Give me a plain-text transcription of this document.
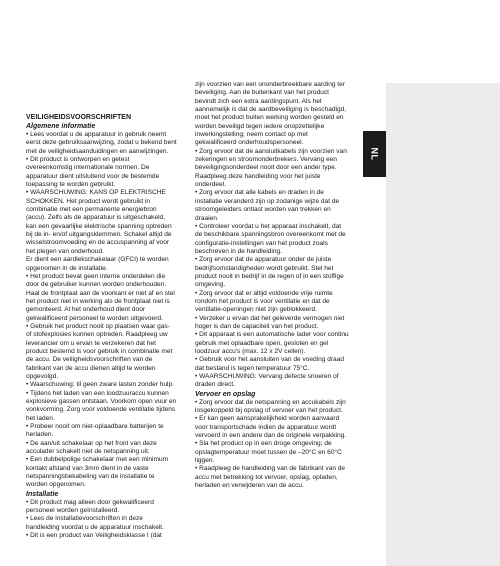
NL

VEILIGHEIDSVOORSCHRIFTEN

Algemene informatie

• Lees voordat u de apparatuur in gebruik neemt eerst deze gebruiksaanwijzing, zodat u bekend bent met de veiligheidsaanduidingen en aanwijzingen.

• Dit product is ontworpen en getest overeenkomstig internationale normen. De apparatuur dient uitsluitend voor de bestemde toepassing te worden gebruikt.

• WAARSCHUWING: KANS OP ELEKTRISCHE SCHOKKEN. Het product wordt gebruikt in combinatie met een permanente energiebron (accu). Zelfs als de apparatuur is uitgeschakeld, kan een gevaarlijke elektrische spanning optreden bij de in- en/of uitgangsklemmen. Schakel altijd de wisselstroomvoeding en de accuspanning af voor het plegen van onderhoud.

Er dient een aardlekschakelaar (GFCI) te worden opgenomen in de installatie.

• Het product bevat geen interne onderdelen die door de gebruiker kunnen worden onderhouden. Haal de frontplaat aan de voorkant er niet af en stel het product niet in werking als de frontplaat niet is gemonteerd. Al het onderhoud dient door gekwalificeerd personeel te worden uitgevoerd.

• Gebruik het product nooit op plaatsen waar gas- of stofexplosies kunnen optreden. Raadpleeg uw leverancier om u ervan te verzekeren dat het product bestemd is voor gebruik in combinatie met de accu. De veiligheidsvoorschriften van de fabrikant van de accu dienen altijd te worden opgevolgd.

• Waarschuwing: til geen zware lasten zonder hulp.

• Tijdens het laden van een loodzuuraccu kunnen explosieve gassen ontstaan. Voorkom open vuur en vonkvorming. Zorg voor voldoende ventilatie tijdens het laden.

• Probeer nooit om niet-oplaadbare batterijen te herladen.

• De aan/uit schakelaar op het front van deze acculader schakelt niet de netspanning uit.

• Een dubbelpolige schakelaar met een minimum kontakt afstand van 3mm dient in de vaste netspanningsbekabeling van de installatie te worden opgenomen.

Installatie

• Dit product mag alleen door gekwalificeerd personeel worden geïnstalleerd.

• Lees de installatievoorschriften in deze handleiding voordat u de apparatuur inschakelt.

• Dit is een product van Veiligheidsklasse I (dat

zijn voorzien van een ononderbreekbare aarding ter beveiliging. Aan de buitenkant van het product bevindt zich een extra aardingspunt. Als het aannemelijk is dat de aardbeveiliging is beschadigd, moet het product buiten werking worden gesteld en worden beveiligd tegen iedere onopzettelijke inwerkingstelling; neem contact op met gekwalificeerd onderhoudspersoneel.

• Zorg ervoor dat de aansluitkabels zijn voorzien van zekeringen en stroomonderbrekers. Vervang een beveiligingsonderdeel nooit door een ander type. Raadpleeg deze handleiding voor het juiste onderdeel.

• Zorg ervoor dat alle kabels en draden in de installatie veranderd zijn op zodanige wijze dat de stroomgeleiders ontlast worden van trekken en draaien.

• Controleer voordat u het apparaat inschakelt, dat de beschikbare spanningsbron overeenkomt met de configuratie-instellingen van het product zoals beschreven in de handleiding.

• Zorg ervoor dat de apparatuur onder de juiste bedrijfsomstandigheden wordt gebruikt. Stel het product nooit in bedrijf in de regen of in een stoffige omgeving.

• Zorg ervoor dat er altijd voldoende vrije ruimte rondom het product is voor ventilatie en dat de ventilatie-openingen niet zijn geblokkeerd.

• Verzeker u ervan dat het geleverde vermogen niet hoger is dan de capaciteit van het product.

• Dit apparaat is een automatische lader voor continu gebruik met oplaadbare open, gesloten en gel loodzuur accu's (max. 12 x 2V cellen).

• Gebruik voor het aansluiten van de voeding draad dat bestand is tegen temperatuur 75°C.

• WAARSCHUWING: Vervang defecte snoeren of draden direct.

Vervoer en opslag

• Zorg ervoor dat de netspanning en accukabels zijn losgekoppeld bij opslag of vervoer van het product.

• Er kan geen aansprakelijkheid worden aanvaard voor transportschade indien de apparatuur wordt vervoerd in een andere dan de originele verpakking.

• Sla het product op in een droge omgeving; de opslagtemperatuur moet tussen de –20°C en 60°C liggen.

• Raadpleeg de handleiding van de fabrikant van de accu met betrekking tot vervoer, opslag, opladen, herladen en verwijderen van de accu.
